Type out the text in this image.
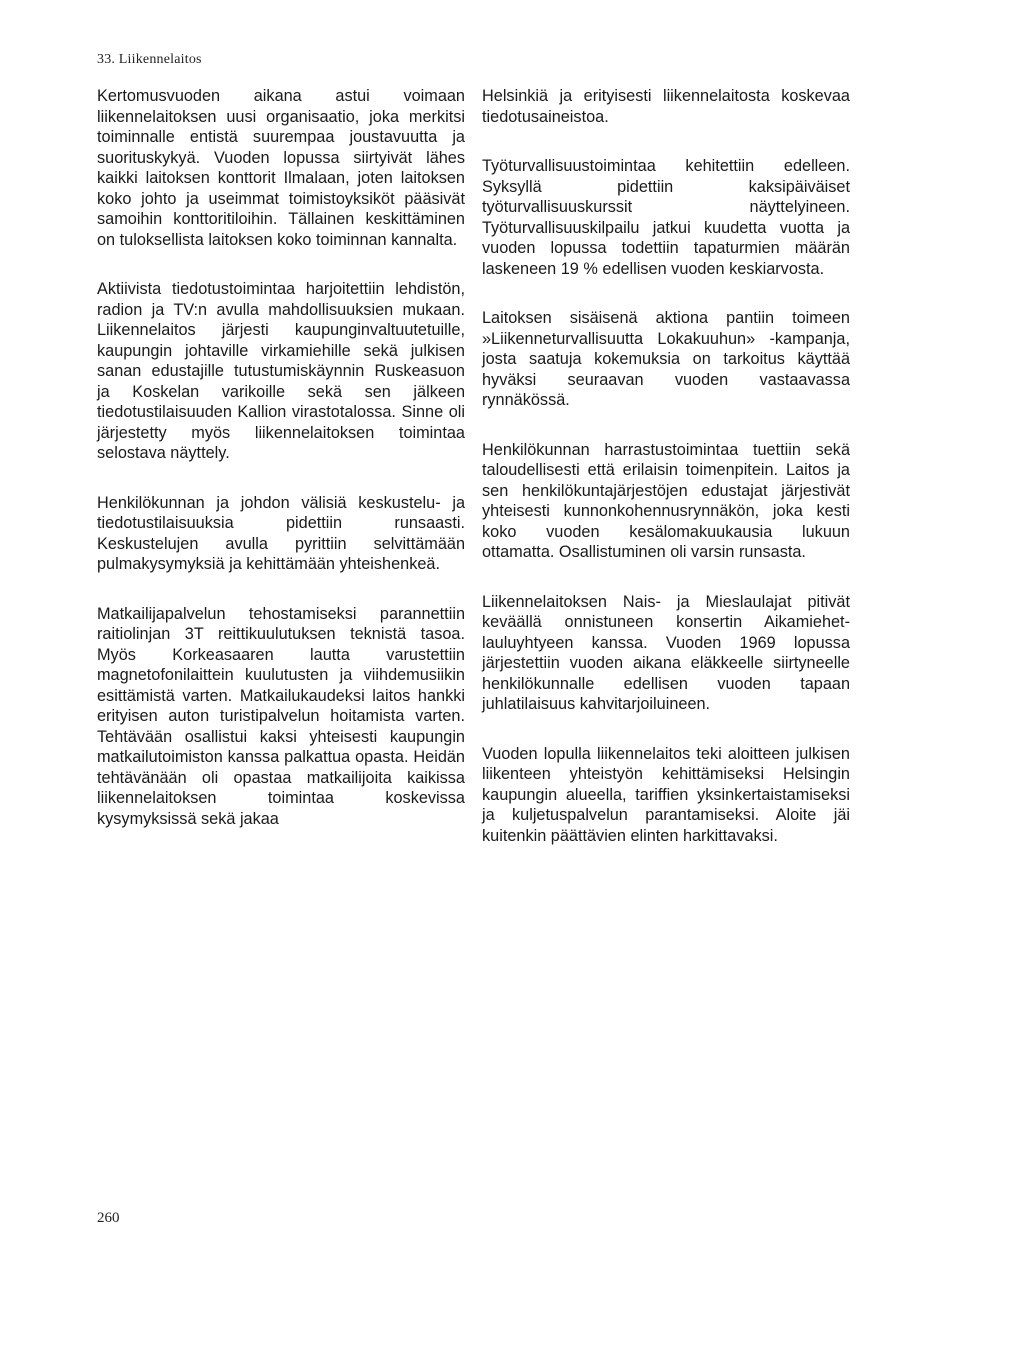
33. Liikennelaitos

Kertomusvuoden aikana astui voimaan liikennelaitoksen uusi organisaatio, joka merkitsi toiminnalle entistä suurempaa joustavuutta ja suorituskykyä. Vuoden lopussa siirtyivät lähes kaikki laitoksen konttorit Ilmalaan, joten laitoksen koko johto ja useimmat toimistoyksiköt pääsivät samoihin konttoritiloihin. Tällainen keskittäminen on tuloksellista laitoksen koko toiminnan kannalta.

Aktiivista tiedotustoimintaa harjoitettiin lehdistön, radion ja TV:n avulla mahdollisuuksien mukaan. Liikennelaitos järjesti kaupunginvaltuutetuille, kaupungin johtaville virkamiehille sekä julkisen sanan edustajille tutustumiskäynnin Ruskeasuon ja Koskelan varikoille sekä sen jälkeen tiedotustilaisuuden Kallion virastotalossa. Sinne oli järjestetty myös liikennelaitoksen toimintaa selostava näyttely.

Henkilökunnan ja johdon välisiä keskustelu- ja tiedotustilaisuuksia pidettiin runsaasti. Keskustelujen avulla pyrittiin selvittämään pulmakysymyksiä ja kehittämään yhteishenkeä.

Matkailijapalvelun tehostamiseksi parannettiin raitiolinjan 3T reittikuulutuksen teknistä tasoa. Myös Korkeasaaren lautta varustettiin magnetofonilaittein kuulutusten ja viihdemusiikin esittämistä varten. Matkailukaudeksi laitos hankki erityisen auton turistipalvelun hoitamista varten. Tehtävään osallistui kaksi yhteisesti kaupungin matkailutoimiston kanssa palkattua opasta. Heidän tehtävänään oli opastaa matkailijoita kaikissa liikennelaitoksen toimintaa koskevissa kysymyksissä sekä jakaa

Helsinkiä ja erityisesti liikennelaitosta koskevaa tiedotusaineistoa.

Työturvallisuustoimintaa kehitettiin edelleen. Syksyllä pidettiin kaksipäiväiset työturvallisuuskurssit näyttelyineen. Työturvallisuuskilpailu jatkui kuudetta vuotta ja vuoden lopussa todettiin tapaturmien määrän laskeneen 19 % edellisen vuoden keskiarvosta.

Laitoksen sisäisenä aktiona pantiin toimeen »Liikenneturvallisuutta Lokakuuhun» -kampanja, josta saatuja kokemuksia on tarkoitus käyttää hyväksi seuraavan vuoden vastaavassa rynnäkössä.

Henkilökunnan harrastustoimintaa tuettiin sekä taloudellisesti että erilaisin toimenpitein. Laitos ja sen henkilökuntajärjestöjen edustajat järjestivät yhteisesti kunnonkohennusrynnäkön, joka kesti koko vuoden kesälomakuukausia lukuun ottamatta. Osallistuminen oli varsin runsasta.

Liikennelaitoksen Nais- ja Mieslaulajat pitivät keväällä onnistuneen konsertin Aikamiehet-lauluyhtyeen kanssa. Vuoden 1969 lopussa järjestettiin vuoden aikana eläkkeelle siirtyneelle henkilökunnalle edellisen vuoden tapaan juhlatilaisuus kahvitarjoiluineen.

Vuoden lopulla liikennelaitos teki aloitteen julkisen liikenteen yhteistyön kehittämiseksi Helsingin kaupungin alueella, tariffien yksinkertaistamiseksi ja kuljetuspalvelun parantamiseksi. Aloite jäi kuitenkin päättävien elinten harkittavaksi.

260
